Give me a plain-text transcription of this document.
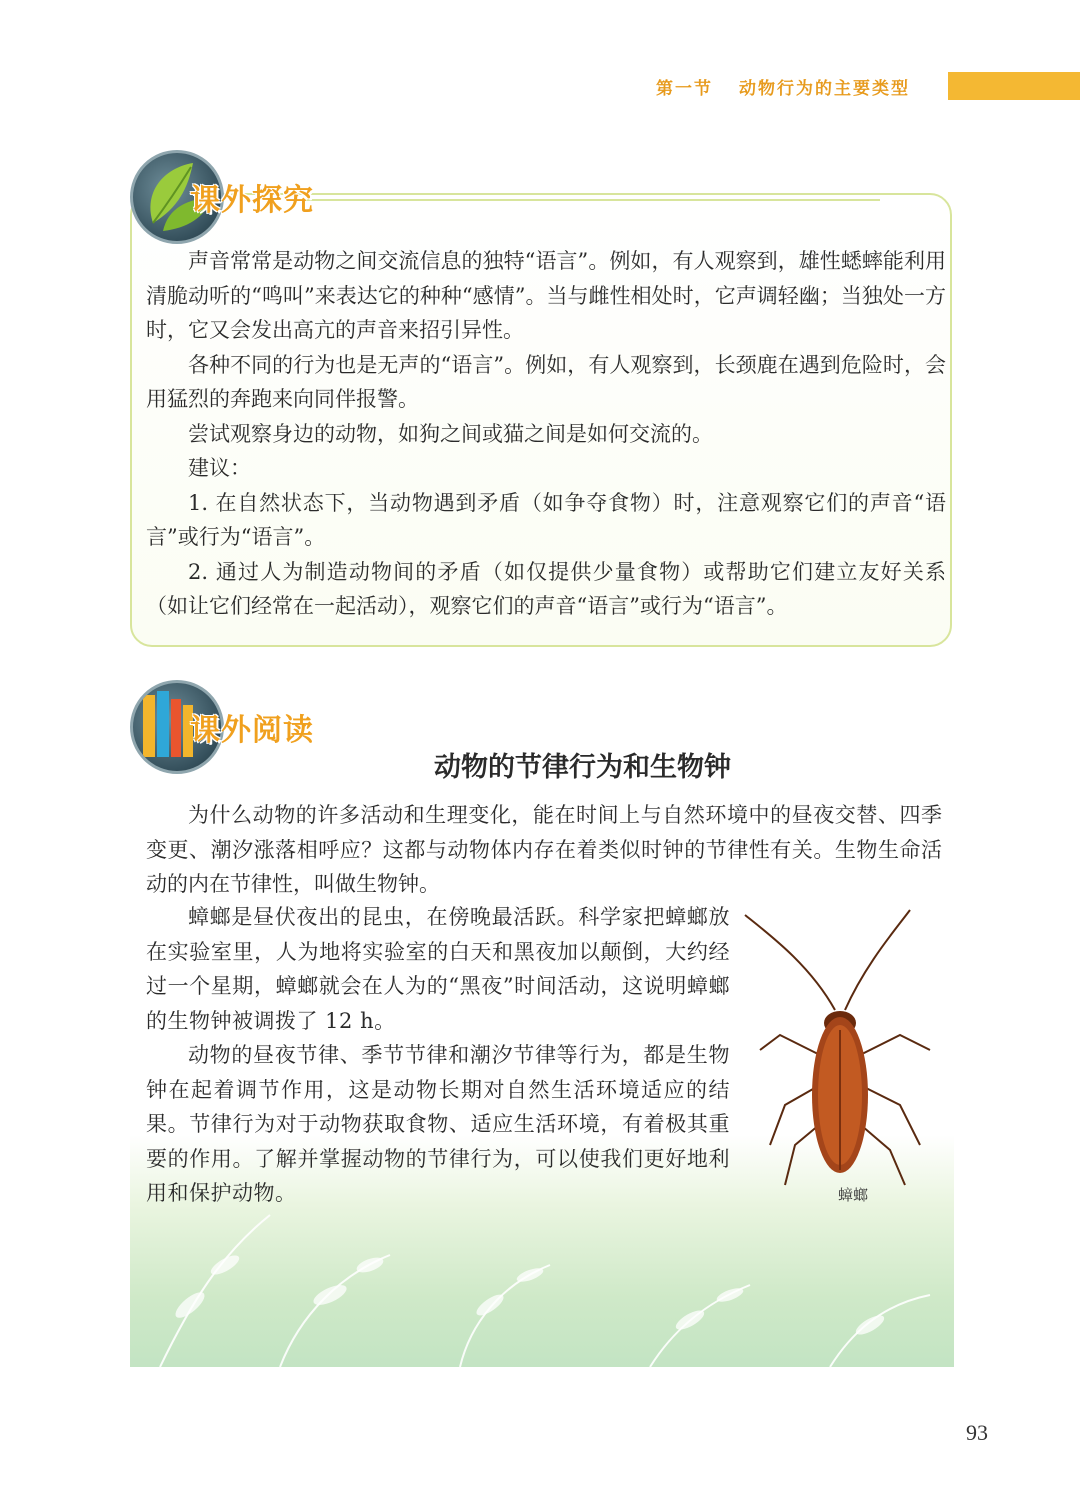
第一节 动物行为的主要类型
课外探究

声音常常是动物之间交流信息的独特“语言”。例如，有人观察到，雄性蟋蟀能利用清脆动听的“鸣叫”来表达它的种种“感情”。当与雌性相处时，它声调轻幽；当独处一方时，它又会发出高亢的声音来招引异性。

各种不同的行为也是无声的“语言”。例如，有人观察到，长颈鹿在遇到危险时，会用猛烈的奔跑来向同伴报警。

尝试观察身边的动物，如狗之间或猫之间是如何交流的。

建议：

1. 在自然状态下，当动物遇到矛盾（如争夺食物）时，注意观察它们的声音“语言”或行为“语言”。

2. 通过人为制造动物间的矛盾（如仅提供少量食物）或帮助它们建立友好关系（如让它们经常在一起活动），观察它们的声音“语言”或行为“语言”。

课外阅读
动物的节律行为和生物钟

为什么动物的许多活动和生理变化，能在时间上与自然环境中的昼夜交替、四季变更、潮汐涨落相呼应？这都与动物体内存在着类似时钟的节律性有关。生物生命活动的内在节律性，叫做生物钟。

蟑螂是昼伏夜出的昆虫，在傍晚最活跃。科学家把蟑螂放在实验室里，人为地将实验室的白天和黑夜加以颠倒，大约经过一个星期，蟑螂就会在人为的“黑夜”时间活动，这说明蟑螂的生物钟被调拨了 12 h。

动物的昼夜节律、季节节律和潮汐节律等行为，都是生物钟在起着调节作用，这是动物长期对自然生活环境适应的结果。节律行为对于动物获取食物、适应生活环境，有着极其重要的作用。了解并掌握动物的节律行为，可以使我们更好地利用和保护动物。	蟑螂
93
